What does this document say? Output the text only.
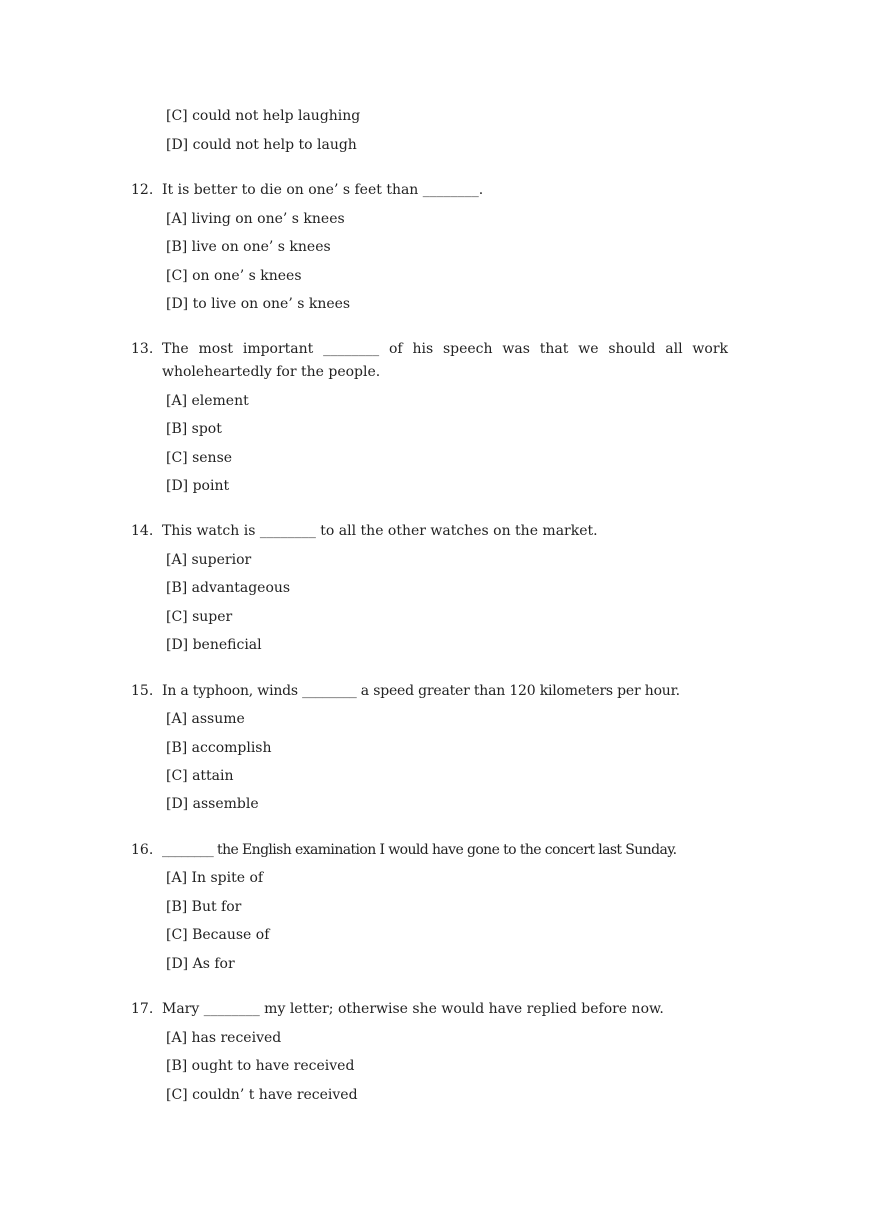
[C] could not help laughing
[D] could not help to laugh
12. It is better to die on one’ s feet than ________.
[A] living on one’ s knees
[B] live on one’ s knees
[C] on one’ s knees
[D] to live on one’ s knees
13. The most important ________ of his speech was that we should all work
wholeheartedly for the people.
[A] element
[B] spot
[C] sense
[D] point
14. This watch is ________ to all the other watches on the market.
[A] superior
[B] advantageous
[C] super
[D] beneficial
15. In a typhoon, winds ________ a speed greater than 120 kilometers per hour.
[A] assume
[B] accomplish
[C] attain
[D] assemble
16. ________ the English examination I would have gone to the concert last Sunday.
[A] In spite of
[B] But for
[C] Because of
[D] As for
17. Mary ________ my letter; otherwise she would have replied before now.
[A] has received
[B] ought to have received
[C] couldn’ t have received
